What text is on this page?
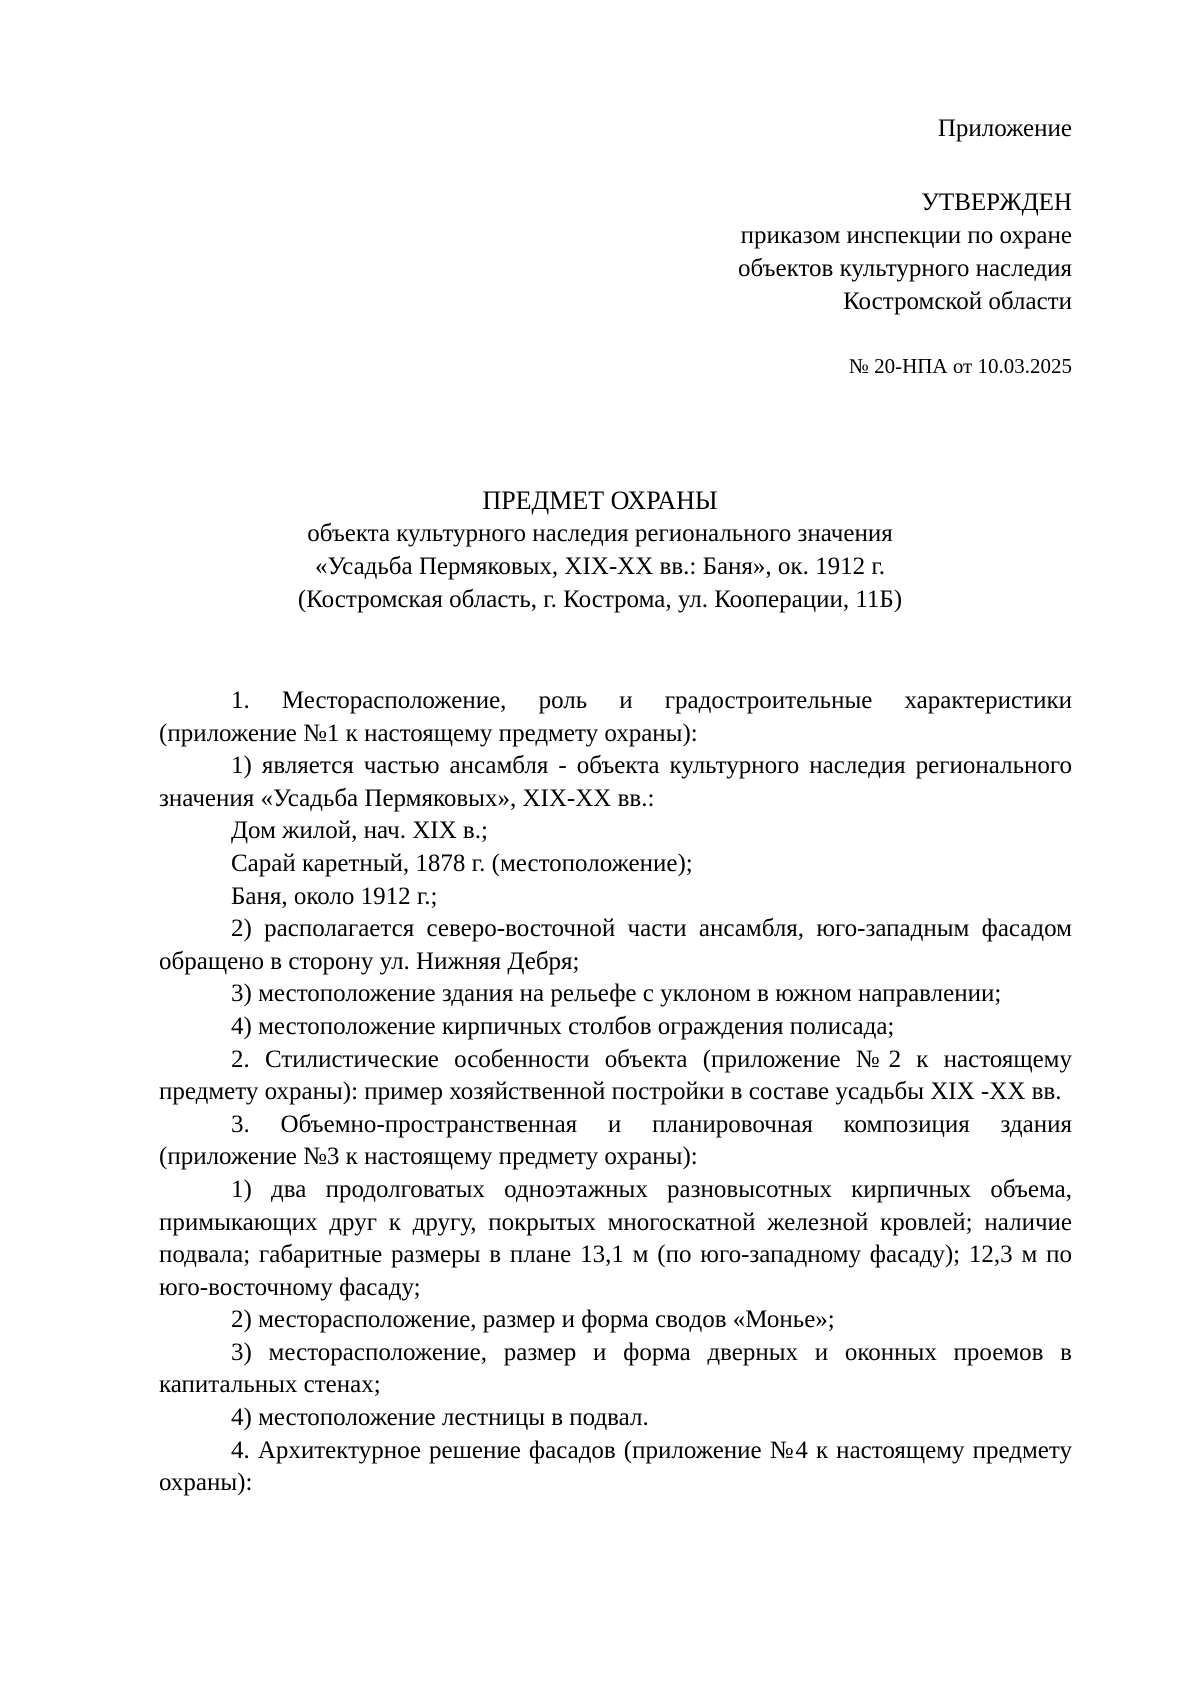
Приложение
УТВЕРЖДЕН
приказом инспекции по охране
объектов культурного наследия
Костромской области
№ 20-НПА от 10.03.2025
ПРЕДМЕТ ОХРАНЫ
объекта культурного наследия регионального значения
«Усадьба Пермяковых, XIX-XX вв.: Баня», ок. 1912 г.
(Костромская область, г. Кострома, ул. Кооперации, 11Б)

1. Месторасположение, роль и градостроительные характеристики (приложение №1 к настоящему предмету охраны):

1) является частью ансамбля - объекта культурного наследия регионального значения «Усадьба Пермяковых», XIX-XX вв.:

Дом жилой, нач. XIX в.;

Сарай каретный, 1878 г. (местоположение);

Баня, около 1912 г.;

2) располагается северо-восточной части ансамбля, юго-западным фасадом обращено в сторону ул. Нижняя Дебря;

3) местоположение здания на рельефе с уклоном в южном направлении;

4) местоположение кирпичных столбов ограждения полисада;

2. Стилистические особенности объекта (приложение №2 к настоящему предмету охраны): пример хозяйственной постройки в составе усадьбы XIX -XX вв.

3. Объемно-пространственная и планировочная композиция здания (приложение №3 к настоящему предмету охраны):

1) два продолговатых одноэтажных разновысотных кирпичных объема, примыкающих друг к другу, покрытых многоскатной железной кровлей; наличие подвала; габаритные размеры в плане 13,1 м (по юго-западному фасаду); 12,3 м по юго-восточному фасаду;

2) месторасположение, размер и форма сводов «Монье»;

3) месторасположение, размер и форма дверных и оконных проемов в капитальных стенах;

4) местоположение лестницы в подвал.

4. Архитектурное решение фасадов (приложение №4 к настоящему предмету охраны):
